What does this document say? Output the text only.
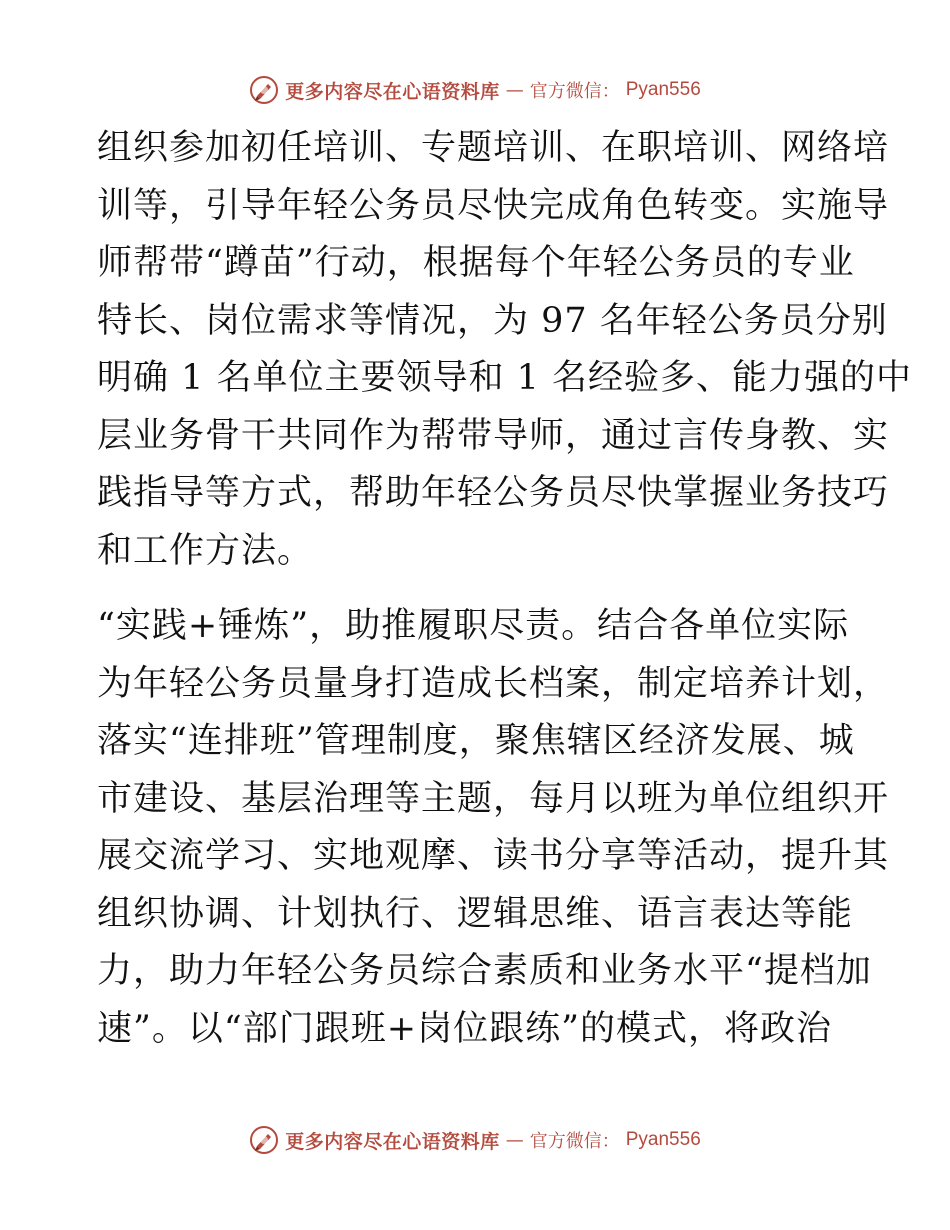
更多内容尽在心语资料库 — 官方微信： Pyan556

组织参加初任培训、专题培训、在职培训、网络培
训等，引导年轻公务员尽快完成角色转变。实施导
师帮带“蹲苗”行动，根据每个年轻公务员的专业
特长、岗位需求等情况，为 97 名年轻公务员分别
明确 1 名单位主要领导和 1 名经验多、能力强的中
层业务骨干共同作为帮带导师，通过言传身教、实
践指导等方式，帮助年轻公务员尽快掌握业务技巧
和工作方法。

“实践+锤炼”，助推履职尽责。结合各单位实际
为年轻公务员量身打造成长档案，制定培养计划，
落实“连排班”管理制度，聚焦辖区经济发展、城
市建设、基层治理等主题，每月以班为单位组织开
展交流学习、实地观摩、读书分享等活动，提升其
组织协调、计划执行、逻辑思维、语言表达等能
力，助力年轻公务员综合素质和业务水平“提档加
速”。以“部门跟班+岗位跟练”的模式，将政治

更多内容尽在心语资料库 — 官方微信： Pyan556
